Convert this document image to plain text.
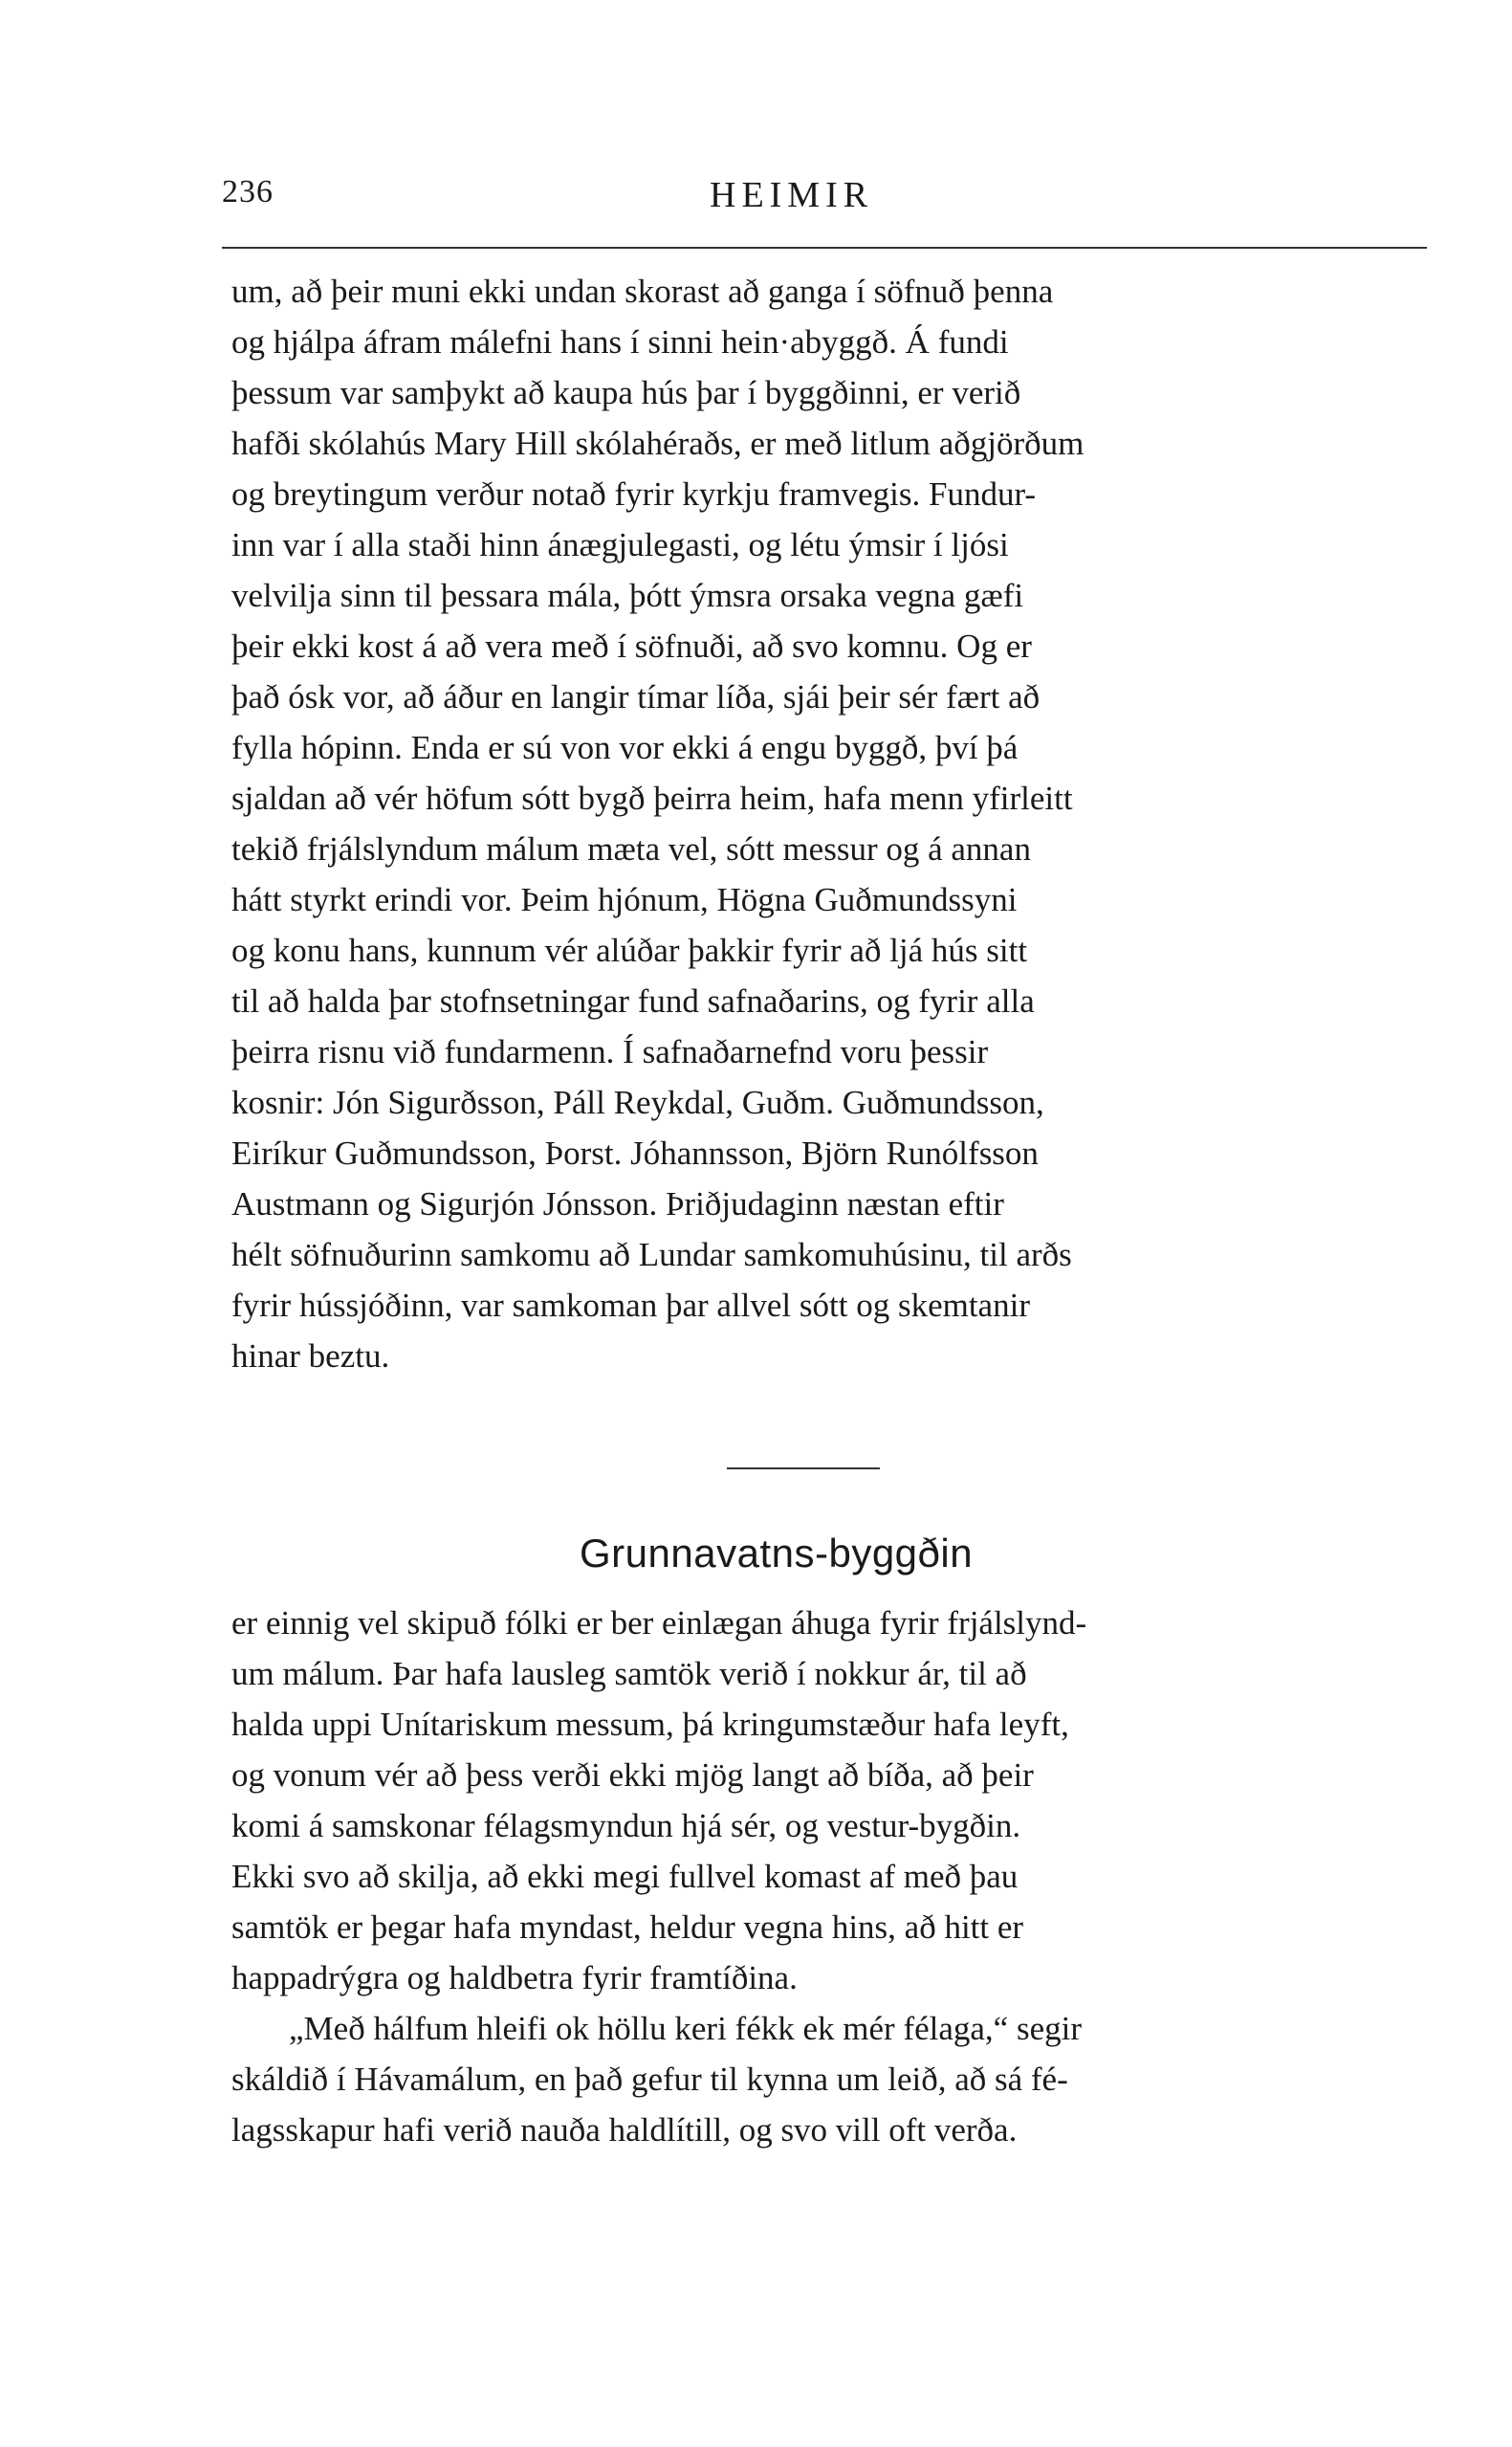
236	HEIMIR
um, að þeir muni ekki undan skorast að ganga í söfnuð þenna
og hjálpa áfram málefni hans í sinni hein·abyggð. Á fundi
þessum var samþykt að kaupa hús þar í byggðinni, er verið
hafði skólahús Mary Hill skólahéraðs, er með litlum aðgjörðum
og breytingum verður notað fyrir kyrkju framvegis. Fundur-
inn var í alla staði hinn ánægjulegasti, og létu ýmsir í ljósi
velvilja sinn til þessara mála, þótt ýmsra orsaka vegna gæfi
þeir ekki kost á að vera með í söfnuði, að svo komnu. Og er
það ósk vor, að áður en langir tímar líða, sjái þeir sér fært að
fylla hópinn. Enda er sú von vor ekki á engu byggð, því þá
sjaldan að vér höfum sótt bygð þeirra heim, hafa menn yfirleitt
tekið frjálslyndum málum mæta vel, sótt messur og á annan
hátt styrkt erindi vor. Þeim hjónum, Högna Guðmundssyni
og konu hans, kunnum vér alúðar þakkir fyrir að ljá hús sitt
til að halda þar stofnsetningar fund safnaðarins, og fyrir alla
þeirra risnu við fundarmenn. Í safnaðarnefnd voru þessir
kosnir: Jón Sigurðsson, Páll Reykdal, Guðm. Guðmundsson,
Eiríkur Guðmundsson, Þorst. Jóhannsson, Björn Runólfsson
Austmann og Sigurjón Jónsson. Þriðjudaginn næstan eftir
hélt söfnuðurinn samkomu að Lundar samkomuhúsinu, til arðs
fyrir hússjóðinn, var samkoman þar allvel sótt og skemtanir
hinar beztu.
Grunnavatns-byggðin
er einnig vel skipuð fólki er ber einlægan áhuga fyrir frjálslynd-
um málum. Þar hafa lausleg samtök verið í nokkur ár, til að
halda uppi Unítariskum messum, þá kringumstæður hafa leyft,
og vonum vér að þess verði ekki mjög langt að bíða, að þeir
komi á samskonar félagsmyndun hjá sér, og vestur-bygðin.
Ekki svo að skilja, að ekki megi fullvel komast af með þau
samtök er þegar hafa myndast, heldur vegna hins, að hitt er
happadrýgra og haldbetra fyrir framtíðina.
„Með hálfum hleifi ok höllu keri fékk ek mér félaga,“ segir
skáldið í Hávamálum, en það gefur til kynna um leið, að sá fé-
lagsskapur hafi verið nauða haldlítill, og svo vill oft verða.
